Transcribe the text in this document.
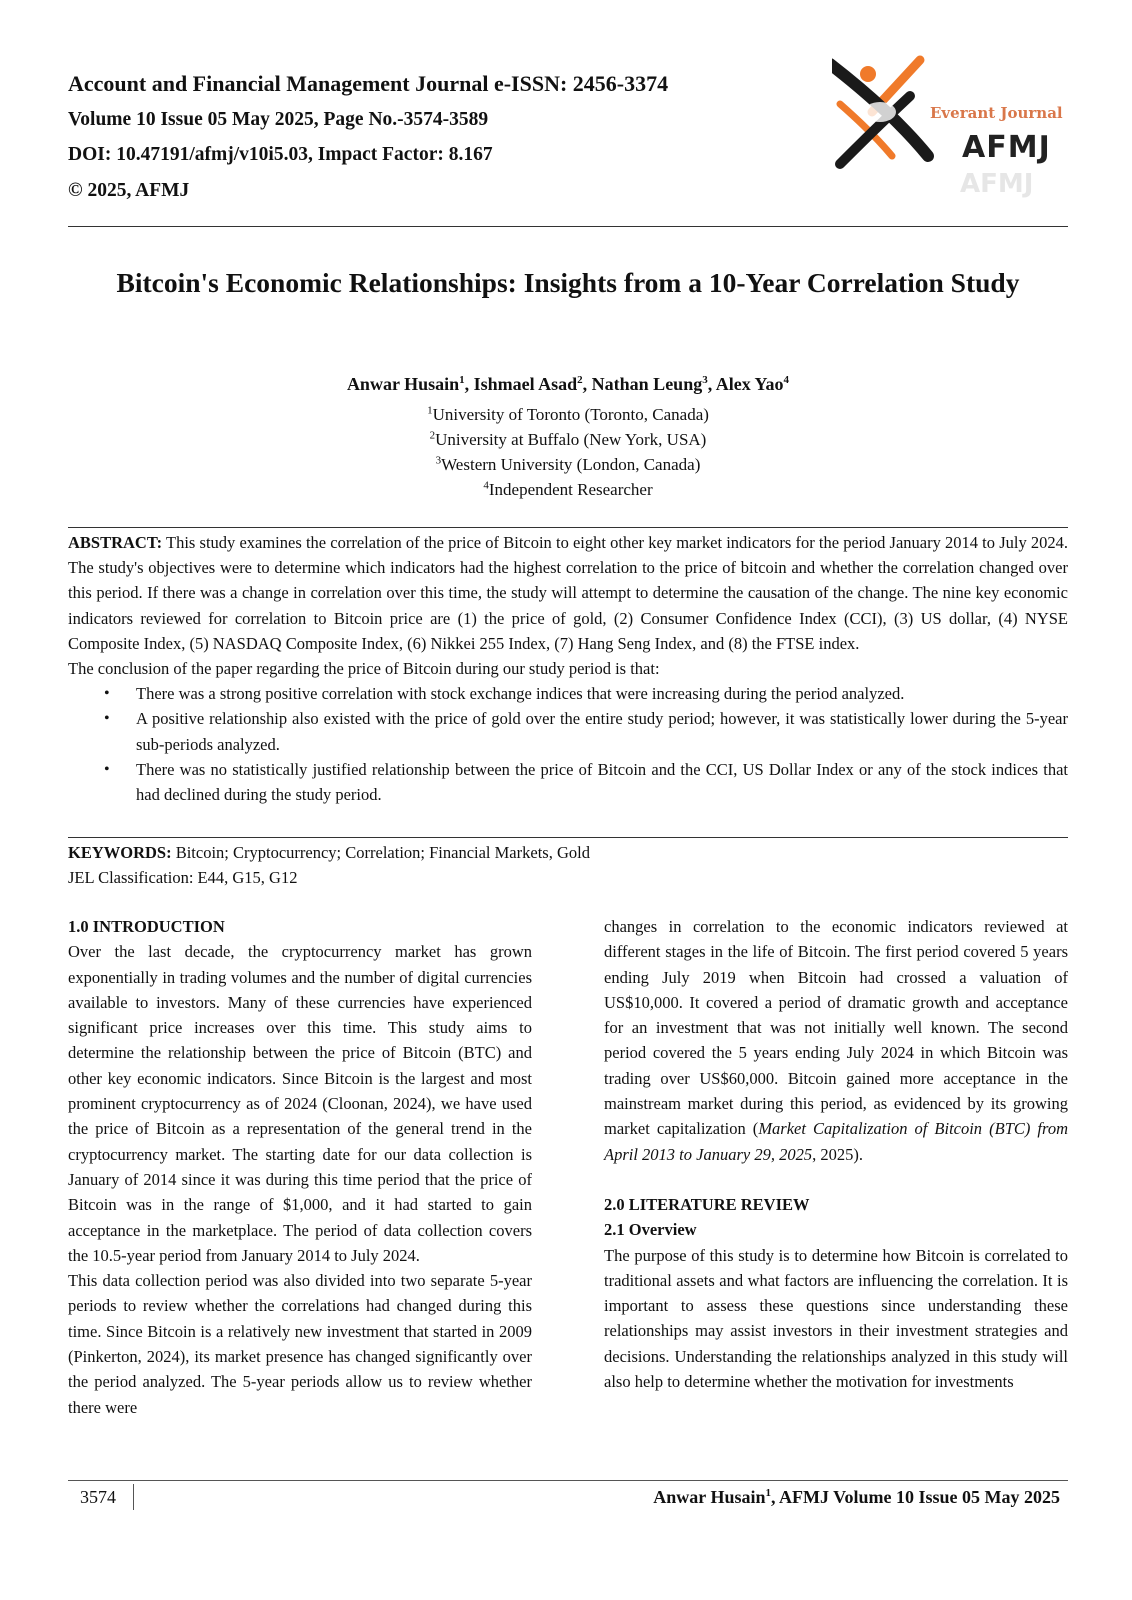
Account and Financial Management Journal e-ISSN: 2456-3374
Volume 10 Issue 05 May 2025, Page No.-3574-3589
DOI: 10.47191/afmj/v10i5.03, Impact Factor: 8.167
© 2025, AFMJ	AFMJ
Everant Journal
AFMJ
Bitcoin's Economic Relationships: Insights from a 10-Year Correlation Study
Anwar Husain$^1$, Ishmael Asad$^2$, Nathan Leung$^3$, Alex Yao$^4$
$^1$University of Toronto (Toronto, Canada)
$^2$University at Buffalo (New York, USA)
$^3$Western University (London, Canada)
$^4$Independent Researcher

ABSTRACT: This study examines the correlation of the price of Bitcoin to eight other key market indicators for the period January 2014 to July 2024. The study's objectives were to determine which indicators had the highest correlation to the price of bitcoin and whether the correlation changed over this period. If there was a change in correlation over this time, the study will attempt to determine the causation of the change. The nine key economic indicators reviewed for correlation to Bitcoin price are (1) the price of gold, (2) Consumer Confidence Index (CCI), (3) US dollar, (4) NYSE Composite Index, (5) NASDAQ Composite Index, (6) Nikkei 255 Index, (7) Hang Seng Index, and (8) the FTSE index.

The conclusion of the paper regarding the price of Bitcoin during our study period is that:

• There was a strong positive correlation with stock exchange indices that were increasing during the period analyzed.
• A positive relationship also existed with the price of gold over the entire study period; however, it was statistically lower during the 5-year sub-periods analyzed.
• There was no statistically justified relationship between the price of Bitcoin and the CCI, US Dollar Index or any of the stock indices that had declined during the study period.
KEYWORDS: Bitcoin; Cryptocurrency; Correlation; Financial Markets, Gold
JEL Classification: E44, G15, G12
1.0 INTRODUCTION

Over the last decade, the cryptocurrency market has grown exponentially in trading volumes and the number of digital currencies available to investors. Many of these currencies have experienced significant price increases over this time. This study aims to determine the relationship between the price of Bitcoin (BTC) and other key economic indicators. Since Bitcoin is the largest and most prominent cryptocurrency as of 2024 (Cloonan, 2024), we have used the price of Bitcoin as a representation of the general trend in the cryptocurrency market. The starting date for our data collection is January of 2014 since it was during this time period that the price of Bitcoin was in the range of $1,000, and it had started to gain acceptance in the marketplace. The period of data collection covers the 10.5-year period from January 2014 to July 2024.

This data collection period was also divided into two separate 5-year periods to review whether the correlations had changed during this time. Since Bitcoin is a relatively new investment that started in 2009 (Pinkerton, 2024), its market presence has changed significantly over the period analyzed. The 5-year periods allow us to review whether there were

changes in correlation to the economic indicators reviewed at different stages in the life of Bitcoin. The first period covered 5 years ending July 2019 when Bitcoin had crossed a valuation of US$10,000. It covered a period of dramatic growth and acceptance for an investment that was not initially well known. The second period covered the 5 years ending July 2024 in which Bitcoin was trading over US$60,000. Bitcoin gained more acceptance in the mainstream market during this period, as evidenced by its growing market capitalization (Market Capitalization of Bitcoin (BTC) from April 2013 to January 29, 2025, 2025).

2.0 LITERATURE REVIEW
2.1 Overview

The purpose of this study is to determine how Bitcoin is correlated to traditional assets and what factors are influencing the correlation. It is important to assess these questions since understanding these relationships may assist investors in their investment strategies and decisions. Understanding the relationships analyzed in this study will also help to determine whether the motivation for investments

3574	Anwar Husain$^1$, AFMJ Volume 10 Issue 05 May 2025
